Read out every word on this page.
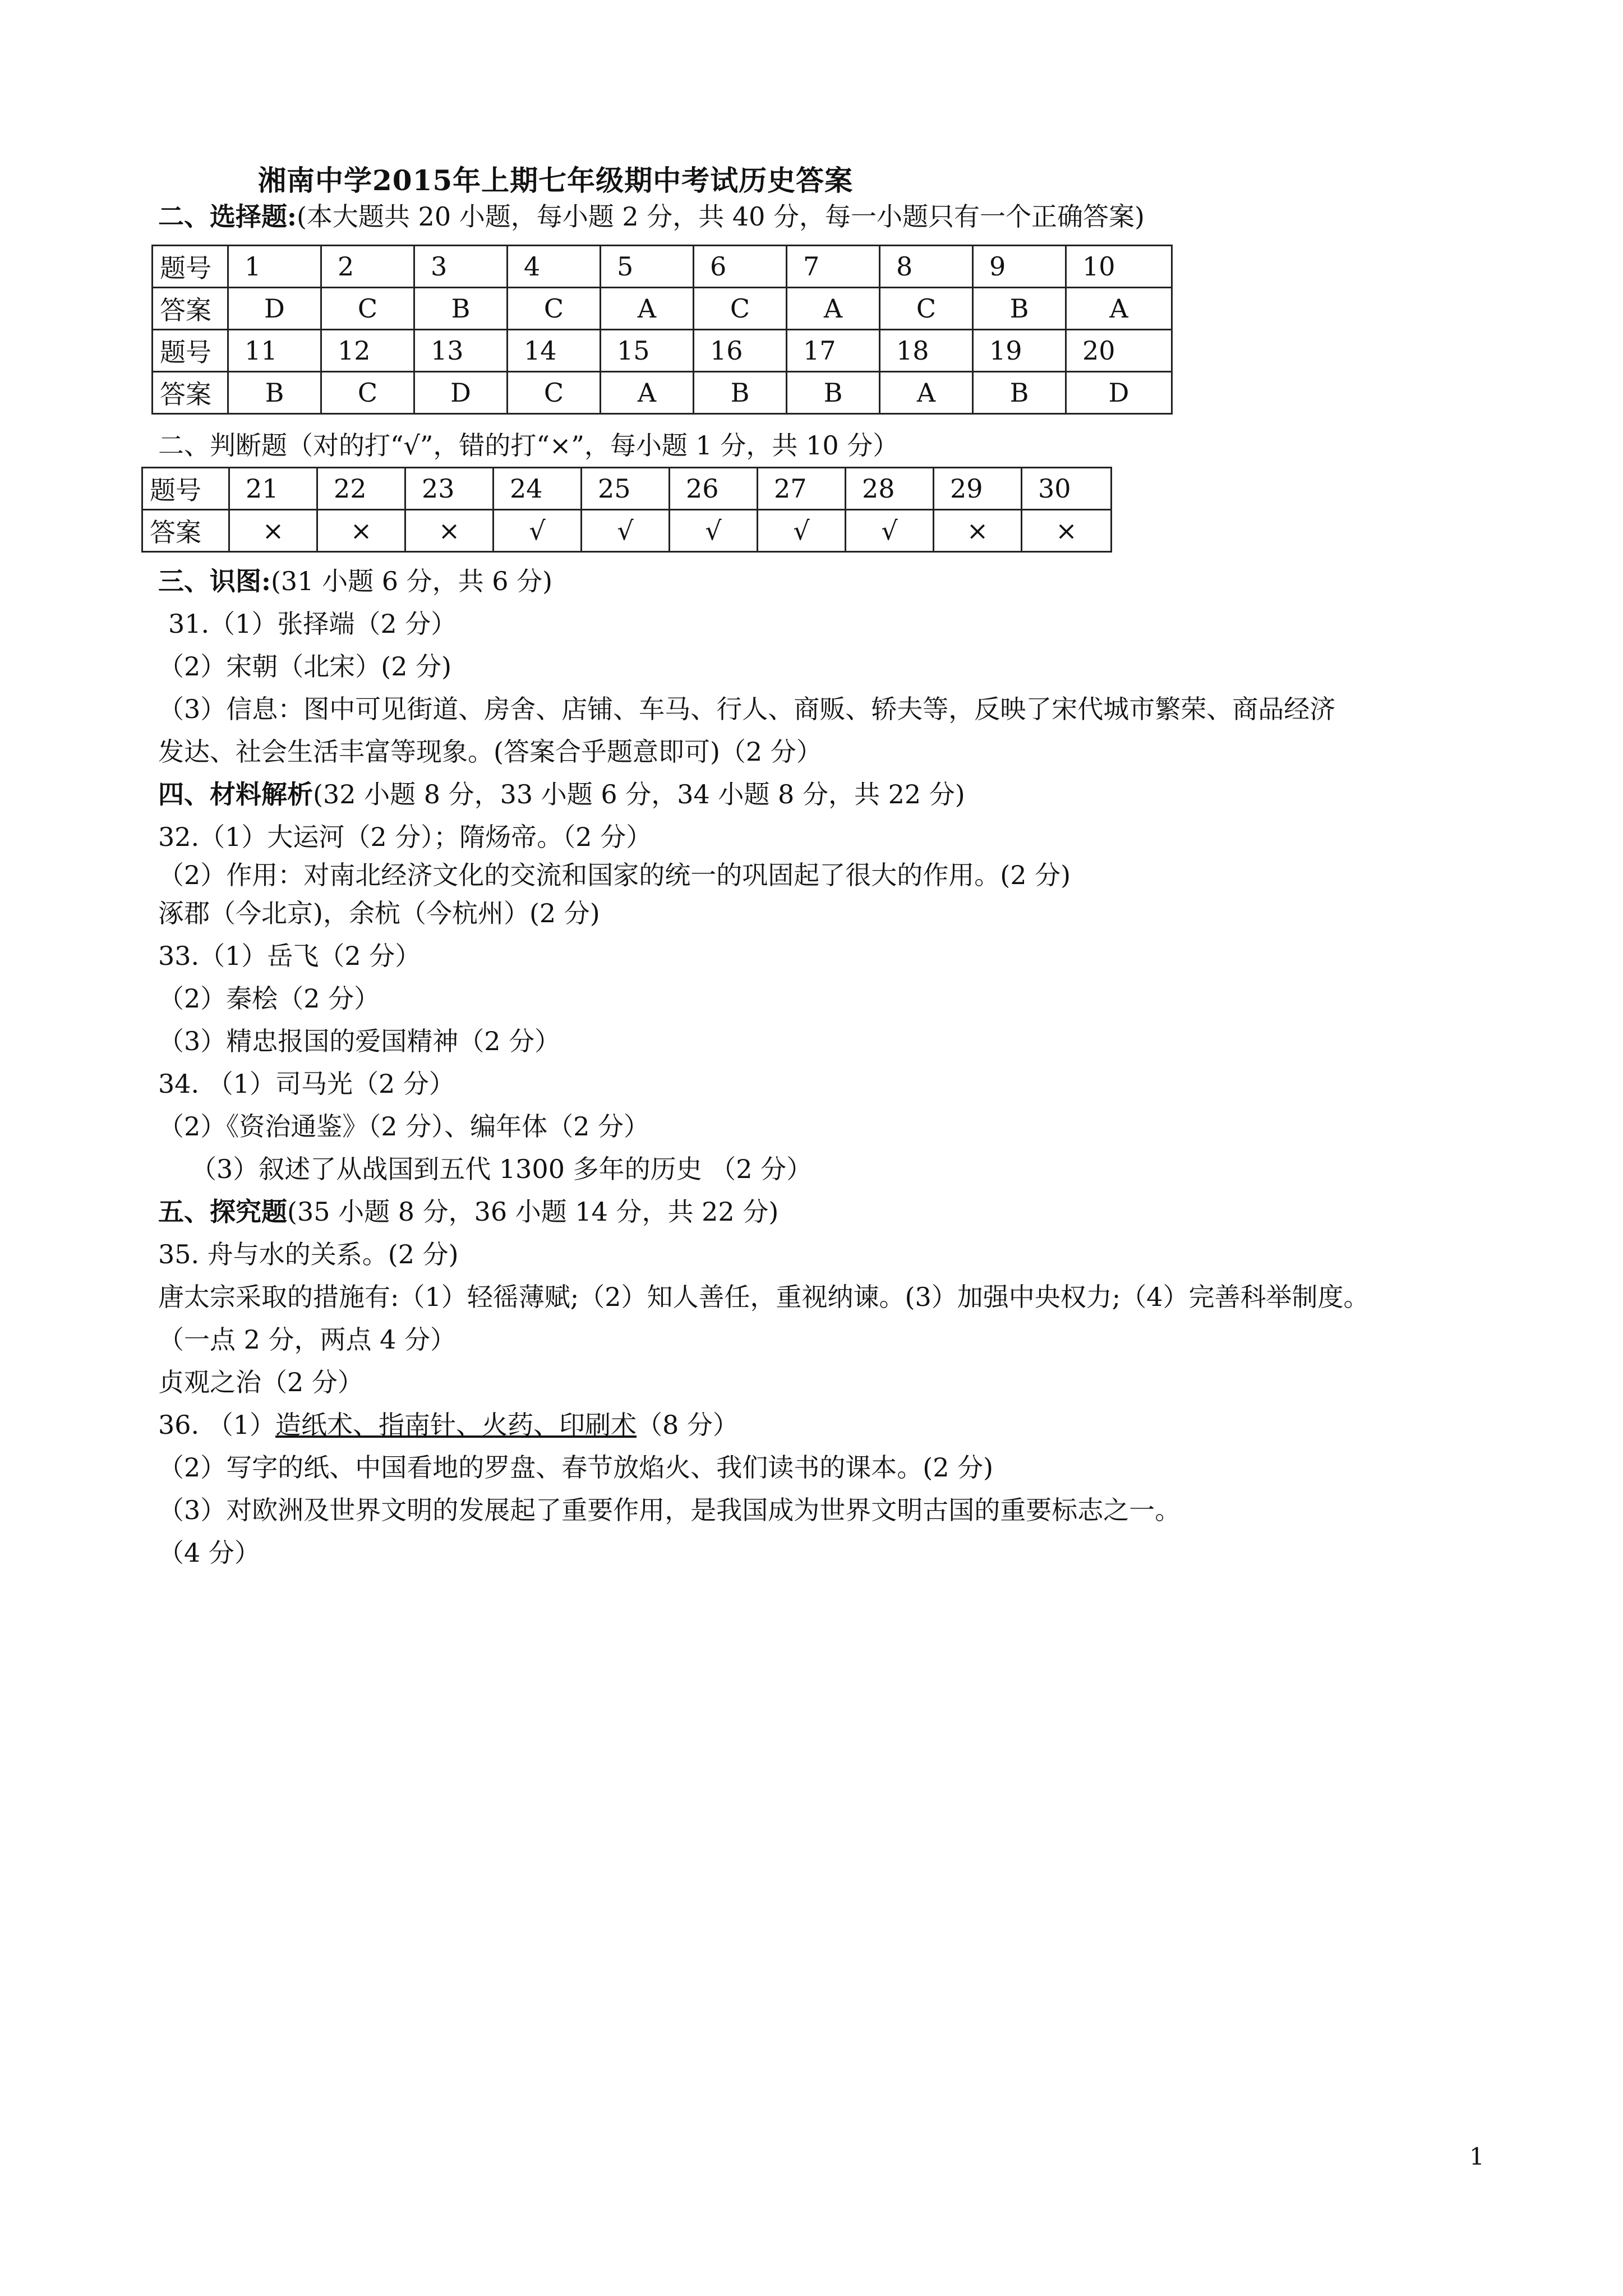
湘南中学2015年上期七年级期中考试历史答案
二、选择题:(本大题共 20 小题，每小题 2 分，共 40 分，每一小题只有一个正确答案)
题号	1	2	3	4	5	6	7	8	9	10
答案	D	C	B	C	A	C	A	C	B	A
题号	11	12	13	14	15	16	17	18	19	20
答案	B	C	D	C	A	B	B	A	B	D
二、判断题（对的打“√”，错的打“×”，每小题 1 分，共 10 分）
题号	21	22	23	24	25	26	27	28	29	30
答案	×	×	×	√	√	√	√	√	×	×
三、识图:(31 小题 6 分，共 6 分)
31.（1）张择端（2 分）
（2）宋朝（北宋）(2 分)
（3）信息：图中可见街道、房舍、店铺、车马、行人、商贩、轿夫等，反映了宋代城市繁荣、商品经济
发达、社会生活丰富等现象。(答案合乎题意即可)（2 分）
四、材料解析(32 小题 8 分，33 小题 6 分，34 小题 8 分，共 22 分)
32.（1）大运河（2 分）；隋炀帝。（2 分）
（2）作用：对南北经济文化的交流和国家的统一的巩固起了很大的作用。(2 分)
涿郡（今北京)，余杭（今杭州）(2 分)
33.（1）岳飞（2 分）
（2）秦桧（2 分）
（3）精忠报国的爱国精神（2 分）
34. （1）司马光（2 分）
（2）《资治通鉴》（2 分）、编年体（2 分）
（3）叙述了从战国到五代 1300 多年的历史 （2 分）
五、探究题(35 小题 8 分，36 小题 14 分，共 22 分)
35. 舟与水的关系。(2 分)
唐太宗采取的措施有:（1）轻徭薄赋;（2）知人善任，重视纳谏。(3）加强中央权力;（4）完善科举制度。
（一点 2 分，两点 4 分）
贞观之治（2 分）
36. （1）造纸术、指南针、火药、印刷术（8 分）
（2）写字的纸、中国看地的罗盘、春节放焰火、我们读书的课本。(2 分)
（3）对欧洲及世界文明的发展起了重要作用，是我国成为世界文明古国的重要标志之一。
（4 分）
1
